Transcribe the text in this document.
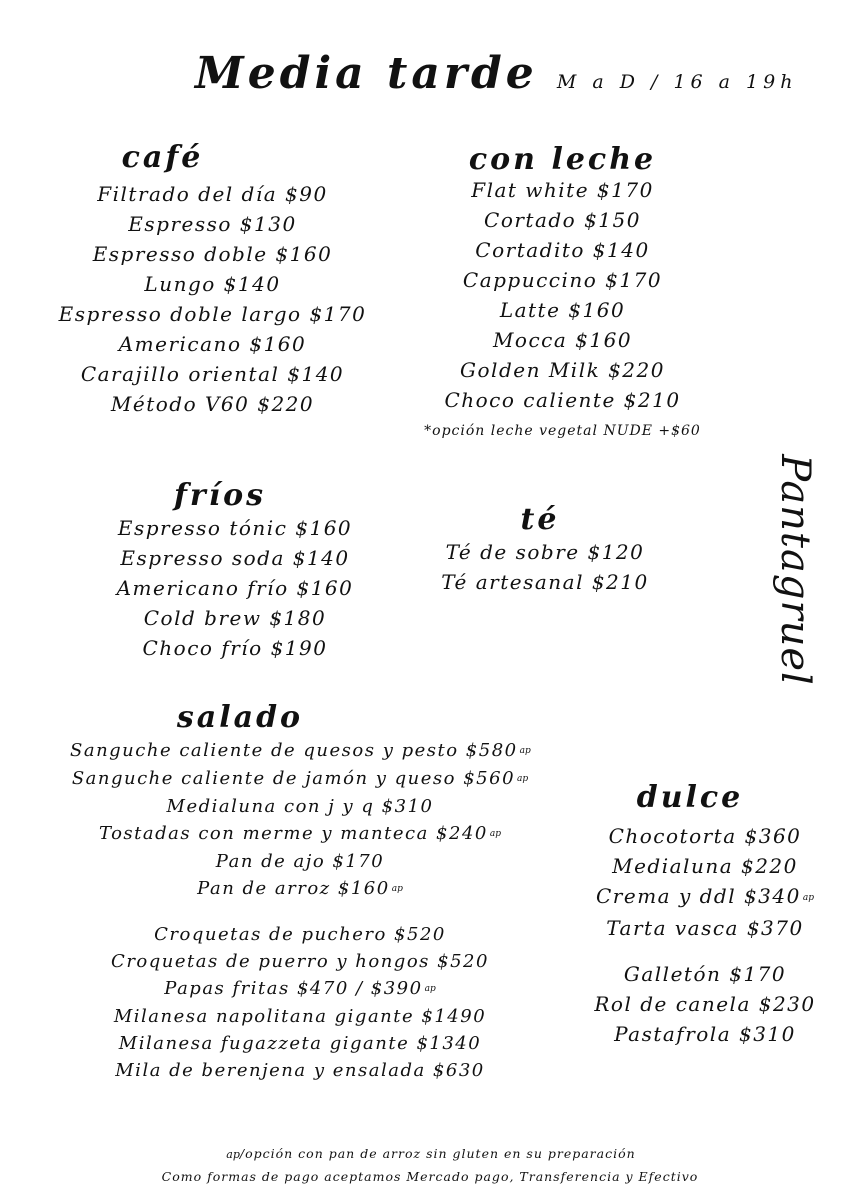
Media tarde M a D / 16 a 19h
café
Filtrado del día $90
Espresso $130
Espresso doble $160
Lungo $140
Espresso doble largo $170
Americano $160
Carajillo oriental $140
Método V60 $220
con leche
Flat white $170
Cortado $150
Cortadito $140
Cappuccino $170
Latte $160
Mocca $160
Golden Milk $220
Choco caliente $210
*opción leche vegetal NUDE +$60
fríos
Espresso tónic $160
Espresso soda $140
Americano frío $160
Cold brew $180
Choco frío $190
té
Té de sobre $120
Té artesanal $210	Pantagruel
salado
Sanguche caliente de quesos y pesto $580 ap
Sanguche caliente de jamón y queso $560 ap
Medialuna con j y q $310
Tostadas con merme y manteca $240 ap
Pan de ajo $170
Pan de arroz $160 ap
Croquetas de puchero $520
Croquetas de puerro y hongos $520
Papas fritas $470 / $390 ap
Milanesa napolitana gigante $1490
Milanesa fugazzeta gigante $1340
Mila de berenjena y ensalada $630
dulce
Chocotorta $360
Medialuna $220
Crema y ddl $340 ap
Tarta vasca $370
Galletón $170
Rol de canela $230
Pastafrola $310
ap/opción con pan de arroz sin gluten en su preparación
Como formas de pago aceptamos Mercado pago, Transferencia y Efectivo
